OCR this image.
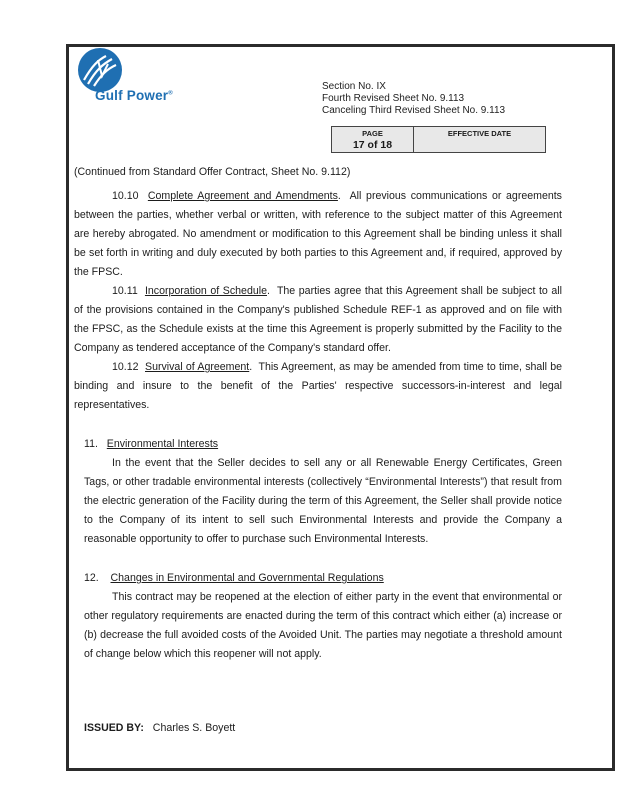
Gulf Power®
Section No. IX
Fourth Revised Sheet No. 9.113
Canceling Third Revised Sheet No. 9.113
PAGE
17 of 18
EFFECTIVE DATE

(Continued from Standard Offer Contract, Sheet No. 9.112)

10.10 Complete Agreement and Amendments.  All previous communications or agreements between the parties, whether verbal or written, with reference to the subject matter of this Agreement are hereby abrogated. No amendment or modification to this Agreement shall be binding unless it shall be set forth in writing and duly executed by both parties to this Agreement and, if required, approved by the FPSC.

10.11 Incorporation of Schedule.  The parties agree that this Agreement shall be subject to all of the provisions contained in the Company's published Schedule REF-1 as approved and on file with the FPSC, as the Schedule exists at the time this Agreement is properly submitted by the Facility to the Company as tendered acceptance of the Company's standard offer.

10.12 Survival of Agreement.  This Agreement, as may be amended from time to time, shall be binding and insure to the benefit of the Parties' respective successors-in-interest and legal representatives.

11. Environmental Interests

In the event that the Seller decides to sell any or all Renewable Energy Certificates, Green Tags, or other tradable environmental interests (collectively “Environmental Interests”) that result from the electric generation of the Facility during the term of this Agreement, the Seller shall provide notice to the Company of its intent to sell such Environmental Interests and provide the Company a reasonable opportunity to offer to purchase such Environmental Interests.

12. Changes in Environmental and Governmental Regulations

This contract may be reopened at the election of either party in the event that environmental or other regulatory requirements are enacted during the term of this contract which either (a) increase or (b) decrease the full avoided costs of the Avoided Unit. The parties may negotiate a threshold amount of change below which this reopener will not apply.

ISSUED BY: Charles S. Boyett
